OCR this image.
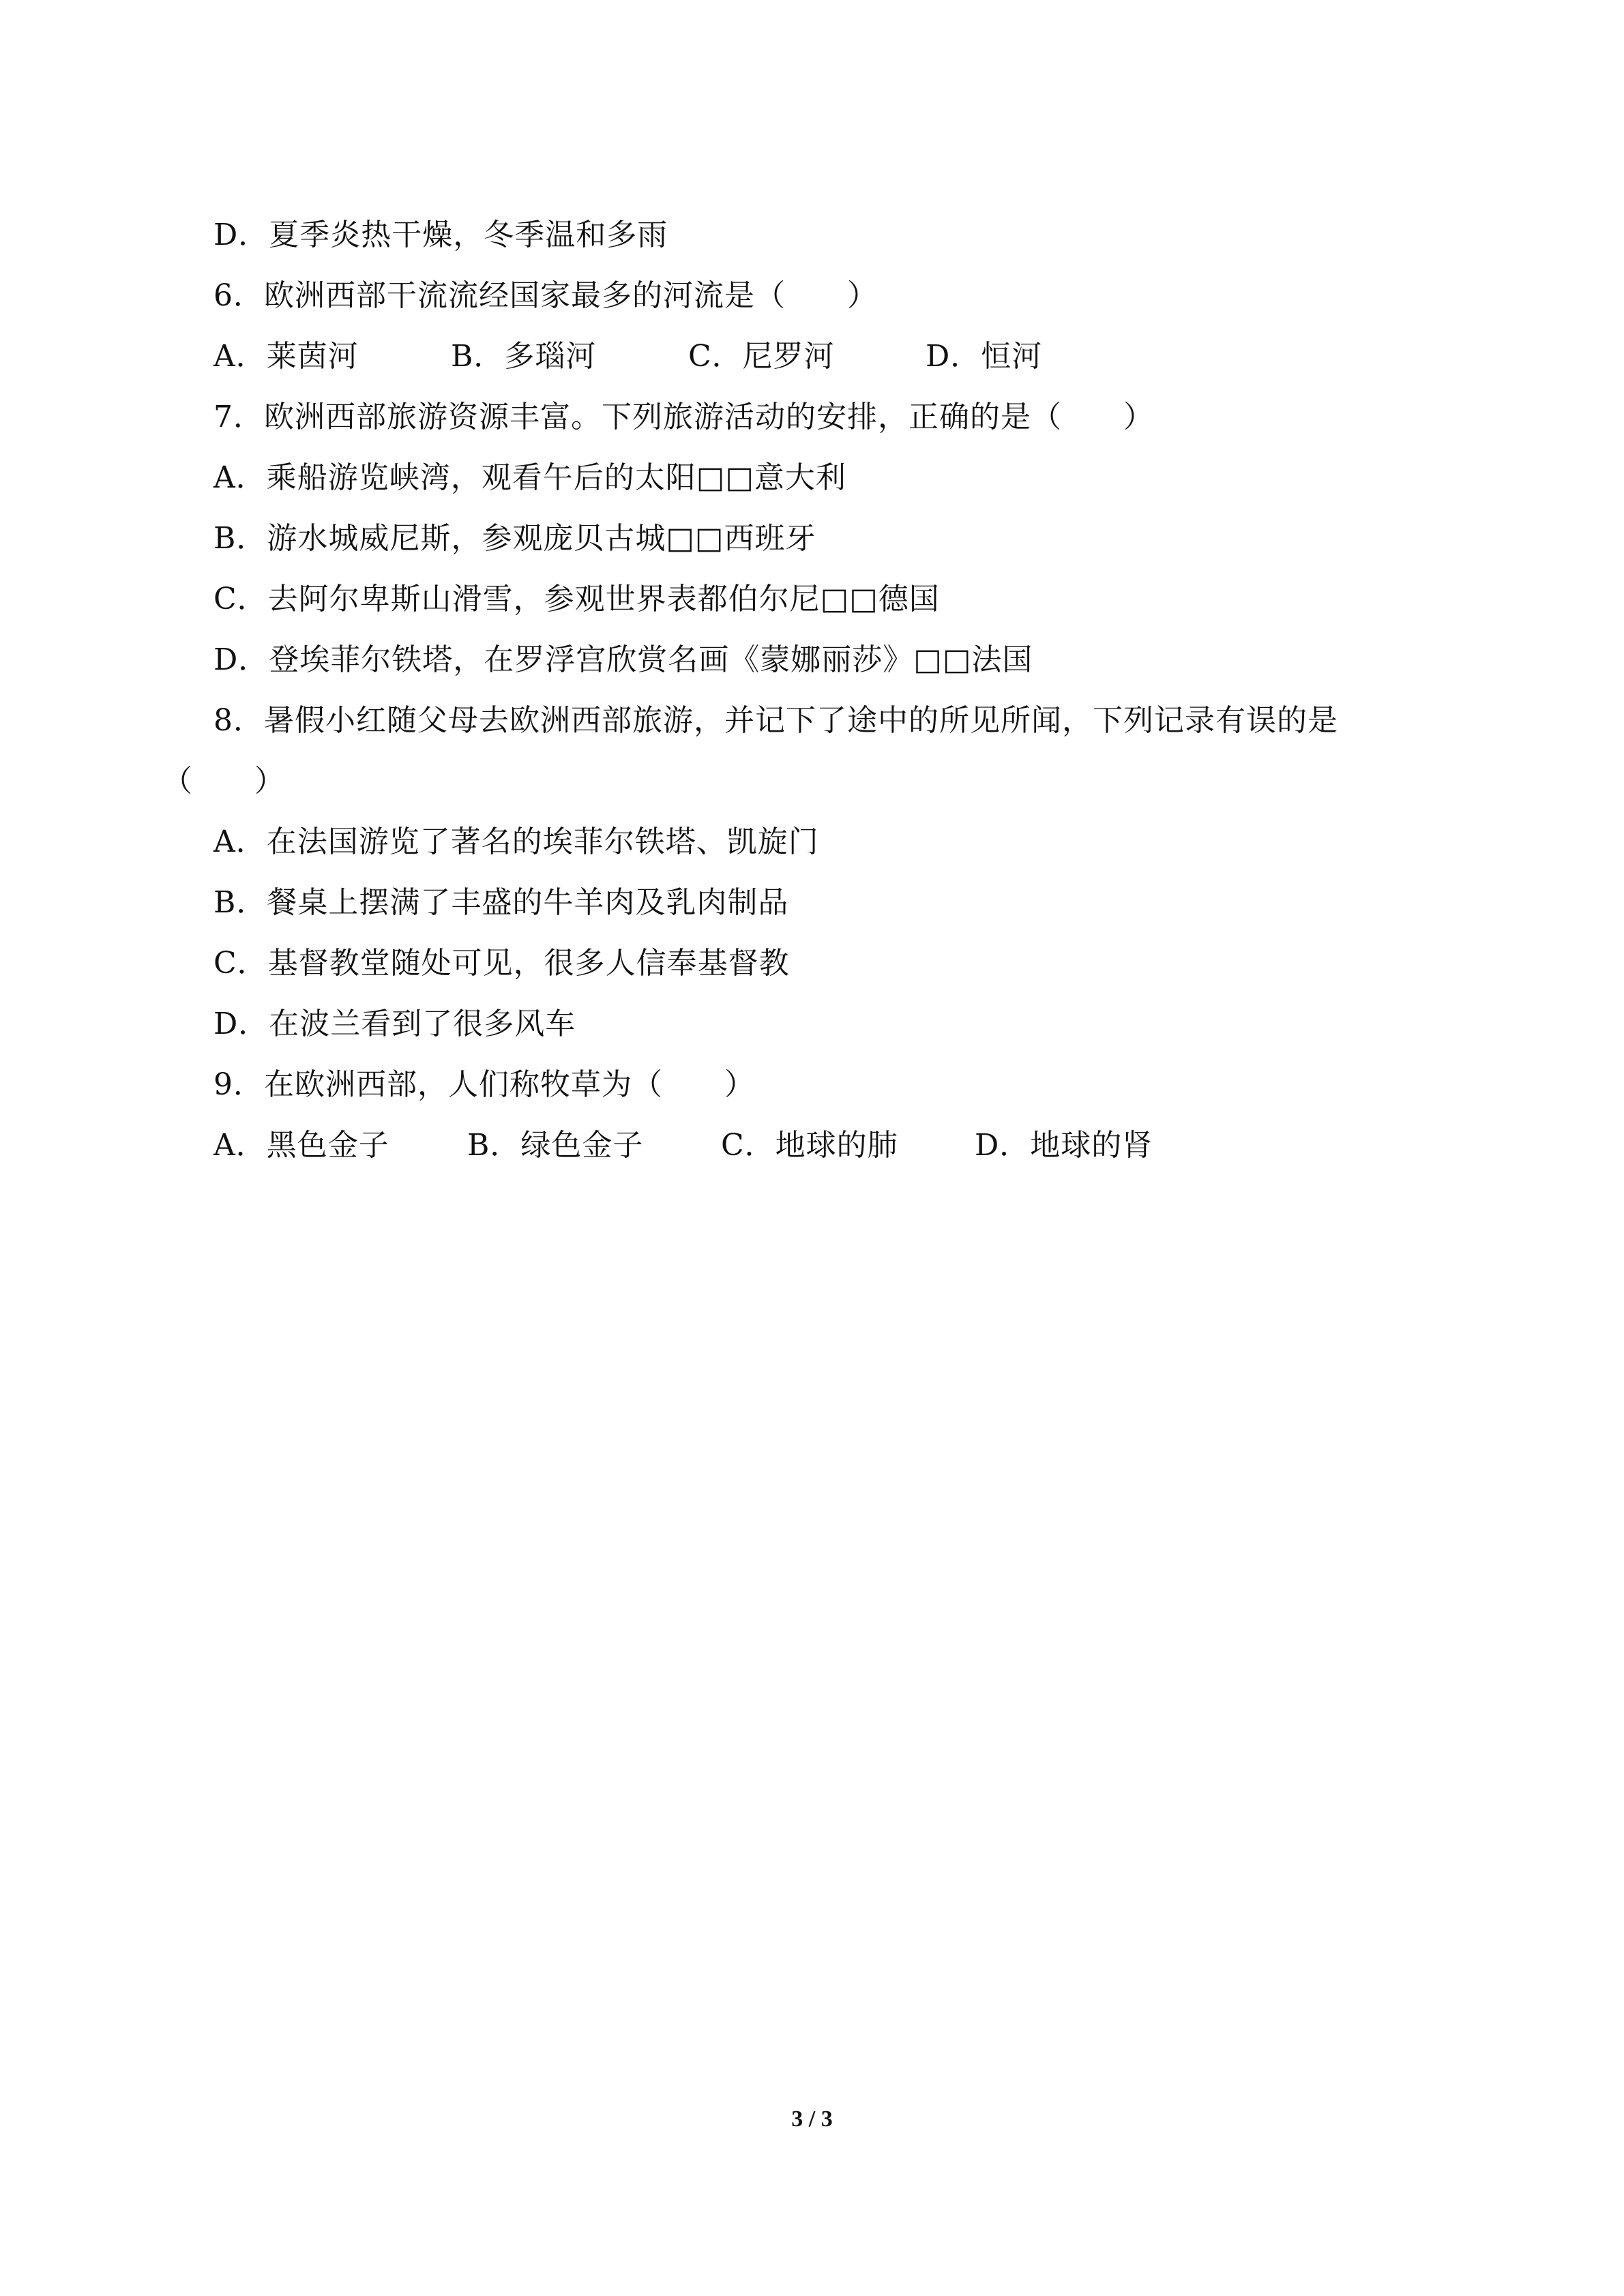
D．夏季炎热干燥，冬季温和多雨
6．欧洲西部干流流经国家最多的河流是（　　）
A．莱茵河	B．多瑙河	C．尼罗河	D．恒河
7．欧洲西部旅游资源丰富。下列旅游活动的安排，正确的是（　　）
A．乘船游览峡湾，观看午后的太阳□□意大利
B．游水城威尼斯，参观庞贝古城□□西班牙
C．去阿尔卑斯山滑雪，参观世界表都伯尔尼□□德国
D．登埃菲尔铁塔，在罗浮宫欣赏名画《蒙娜丽莎》□□法国
8．暑假小红随父母去欧洲西部旅游，并记下了途中的所见所闻，下列记录有误的是
（　　）
A．在法国游览了著名的埃菲尔铁塔、凯旋门
B．餐桌上摆满了丰盛的牛羊肉及乳肉制品
C．基督教堂随处可见，很多人信奉基督教
D．在波兰看到了很多风车
9．在欧洲西部，人们称牧草为（　　）
A．黑色金子	B．绿色金子	C．地球的肺	D．地球的肾
3 / 3
